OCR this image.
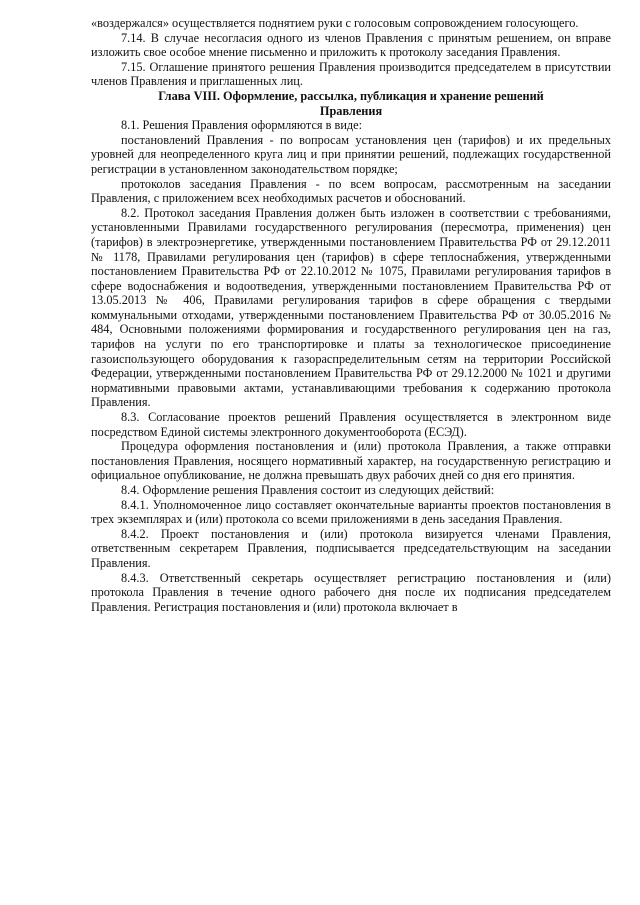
«воздержался» осуществляется поднятием руки с голосовым сопровождением голосующего.

7.14. В случае несогласия одного из членов Правления с принятым решением, он вправе изложить свое особое мнение письменно и приложить к протоколу заседания Правления.

7.15. Оглашение принятого решения Правления производится председателем в присутствии членов Правления и приглашенных лиц.

Глава VIII. Оформление, рассылка, публикация и хранение решений Правления

8.1. Решения Правления оформляются в виде:

постановлений Правления - по вопросам установления цен (тарифов) и их предельных уровней для неопределенного круга лиц и при принятии решений, подлежащих государственной регистрации в установленном законодательством порядке;

протоколов заседания Правления - по всем вопросам, рассмотренным на заседании Правления, с приложением всех необходимых расчетов и обоснований.

8.2. Протокол заседания Правления должен быть изложен в соответствии с требованиями, установленными Правилами государственного регулирования (пересмотра, применения) цен (тарифов) в электроэнергетике, утвержденными постановлением Правительства РФ от 29.12.2011 № 1178, Правилами регулирования цен (тарифов) в сфере теплоснабжения, утвержденными постановлением Правительства РФ от 22.10.2012 № 1075, Правилами регулирования тарифов в сфере водоснабжения и водоотведения, утвержденными постановлением Правительства РФ от 13.05.2013 № 406, Правилами регулирования тарифов в сфере обращения с твердыми коммунальными отходами, утвержденными постановлением Правительства РФ от 30.05.2016 № 484, Основными положениями формирования и государственного регулирования цен на газ, тарифов на услуги по его транспортировке и платы за технологическое присоединение газоиспользующего оборудования к газораспределительным сетям на территории Российской Федерации, утвержденными постановлением Правительства РФ от 29.12.2000 № 1021 и другими нормативными правовыми актами, устанавливающими требования к содержанию протокола Правления.

8.3. Согласование проектов решений Правления осуществляется в электронном виде посредством Единой системы электронного документооборота (ЕСЭД).

Процедура оформления постановления и (или) протокола Правления, а также отправки постановления Правления, носящего нормативный характер, на государственную регистрацию и официальное опубликование, не должна превышать двух рабочих дней со дня его принятия.

8.4. Оформление решения Правления состоит из следующих действий:

8.4.1. Уполномоченное лицо составляет окончательные варианты проектов постановления в трех экземплярах и (или) протокола со всеми приложениями в день заседания Правления.

8.4.2. Проект постановления и (или) протокола визируется членами Правления, ответственным секретарем Правления, подписывается председательствующим на заседании Правления.

8.4.3. Ответственный секретарь осуществляет регистрацию постановления и (или) протокола Правления в течение одного рабочего дня после их подписания председателем Правления. Регистрация постановления и (или) протокола включает в
